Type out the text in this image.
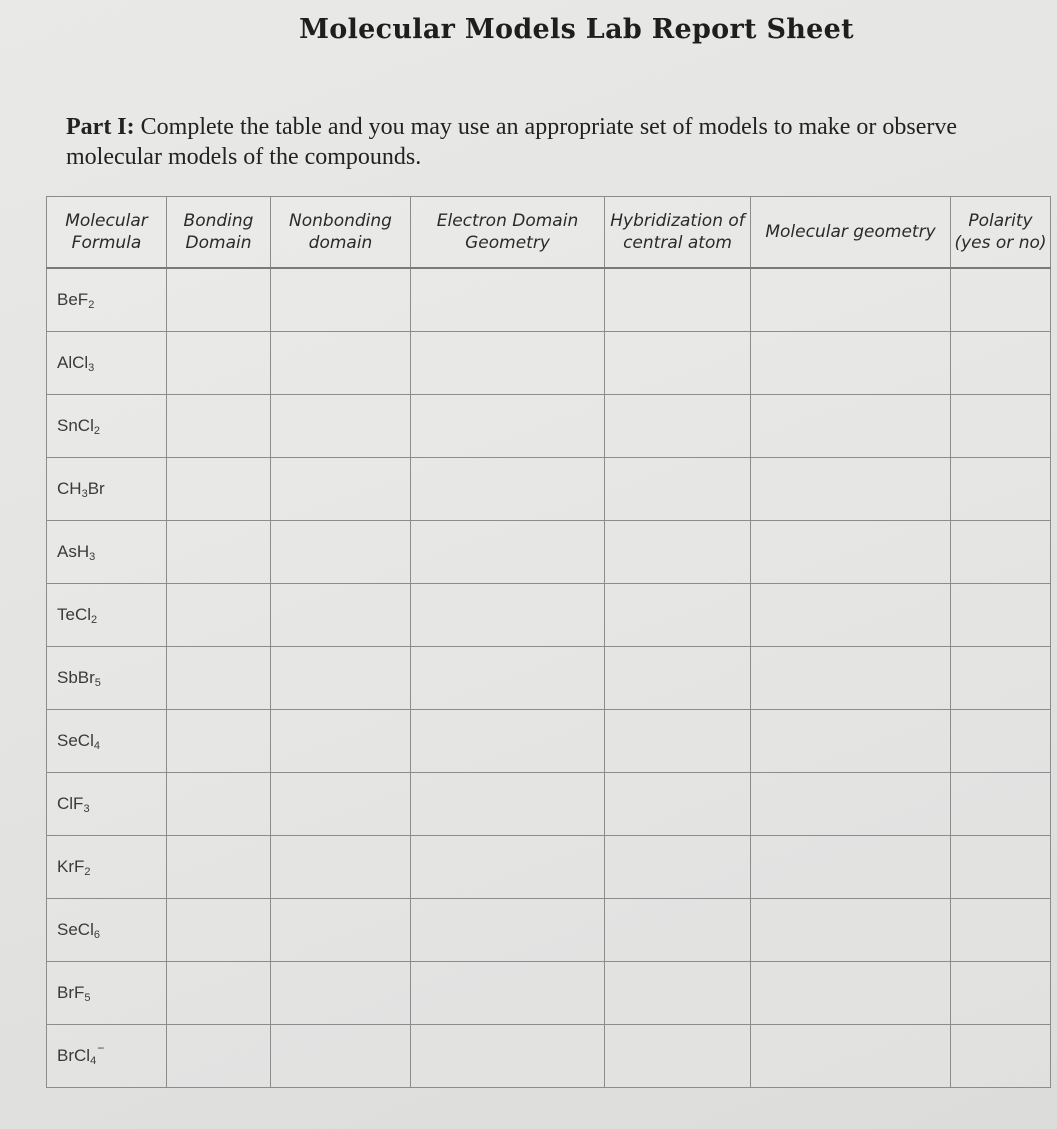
Molecular Models Lab Report Sheet
Part I: Complete the table and you may use an appropriate set of models to make or observe molecular models of the compounds.
Molecular Formula	Bonding Domain	Nonbonding domain	Electron Domain Geometry	Hybridization of central atom	Molecular geometry	Polarity (yes or no)
BeF2						
AlCl3						
SnCl2						
CH3Br						
AsH3						
TeCl2						
SbBr5						
SeCl4						
ClF3						
KrF2						
SeCl6						
BrF5						
BrCl4−						
